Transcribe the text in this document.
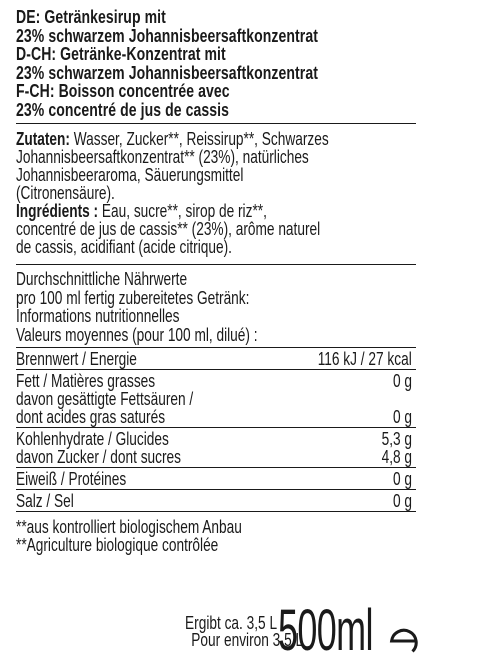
DE: Getränkesirup mit
23% schwarzem Johannisbeersaftkonzentrat
D-CH: Getränke-Konzentrat mit
23% schwarzem Johannisbeersaftkonzentrat
F-CH: Boisson concentrée avec
23% concentré de jus de cassis
Zutaten: Wasser, Zucker**, Reissirup**, Schwarzes
Johannisbeersaftkonzentrat** (23%), natürliches
Johannisbeeraroma, Säuerungsmittel
(Citronensäure).
Ingrédients : Eau, sucre**, sirop de riz**,
concentré de jus de cassis** (23%), arôme naturel
de cassis, acidifiant (acide citrique).
Durchschnittliche Nährwerte
pro 100 ml fertig zubereitetes Getränk:
Informations nutritionnelles
Valeurs moyennes (pour 100 ml, dilué) :
Brennwert / Energie	116 kJ / 27 kcal
Fett / Matières grasses	0 g
davon gesättigte Fettsäuren /
dont acides gras saturés	0 g
Kohlenhydrate / Glucides	5,3 g
davon Zucker / dont sucres	4,8 g
Eiweiß / Protéines	0 g
Salz / Sel	0 g
**aus kontrolliert biologischem Anbau
**Agriculture biologique contrôlée
Ergibt ca. 3,5 L
Pour environ 3,5 L
500ml
